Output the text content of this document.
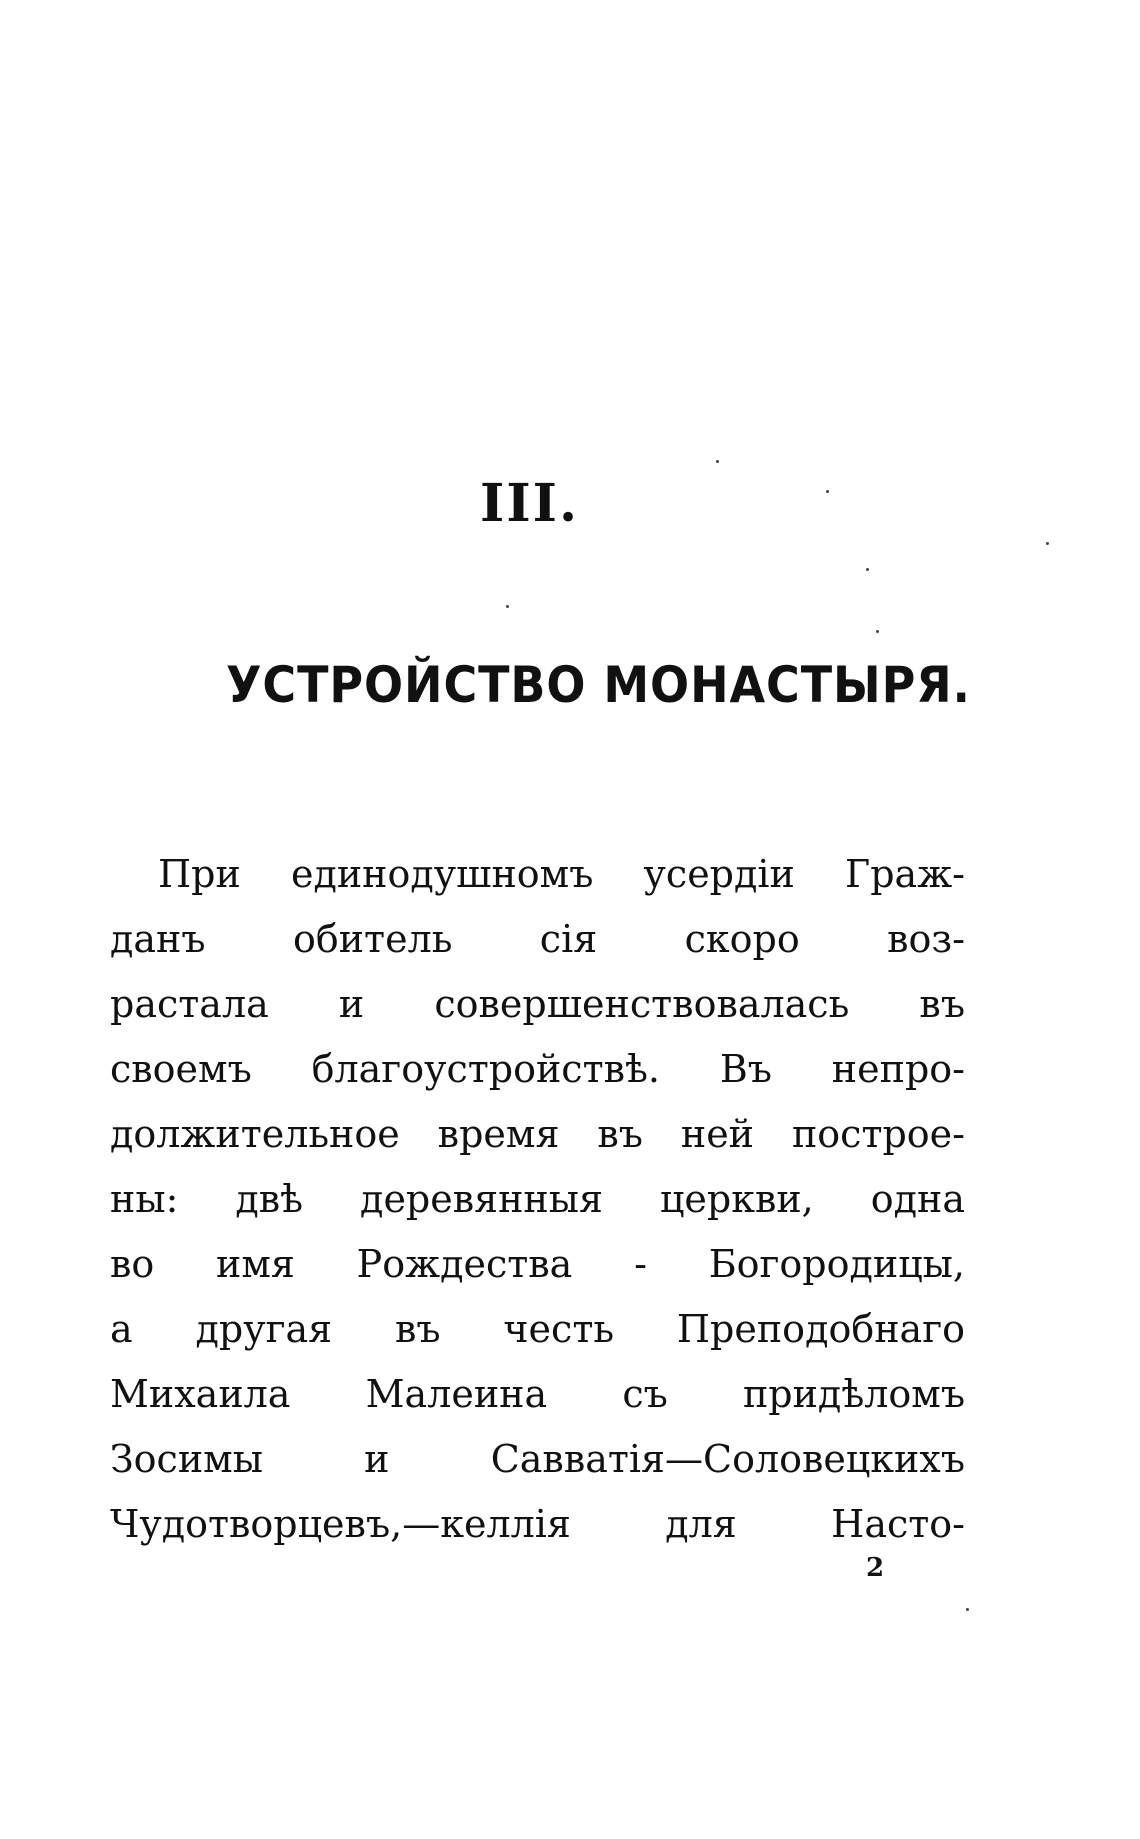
III.
УСТРОЙСТВО МОНАСТЫРЯ.
При единодушномъ усердіи Граж-
данъ обитель сія скоро воз-
растала и совершенствовалась въ
своемъ благоустройствѣ. Въ непро-
должительное время въ ней построе-
ны: двѣ деревянныя церкви, одна
во имя Рождества - Богородицы,
а другая въ честь Преподобнаго
Михаила Малеина съ придѣломъ
Зосимы и Савватія—Соловецкихъ
Чудотворцевъ,—келлія для Насто-
2
